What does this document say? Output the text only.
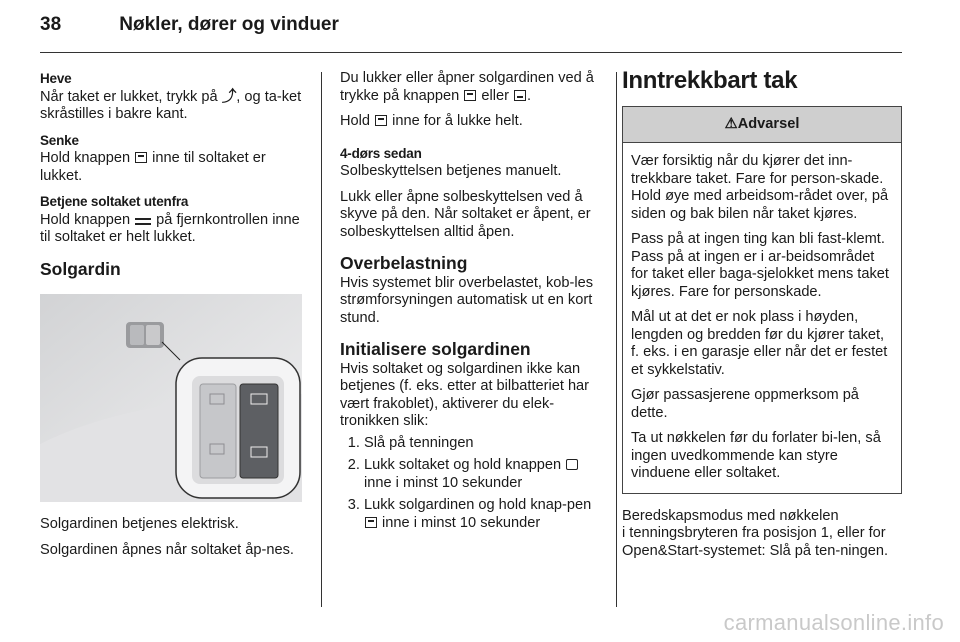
38	Nøkler, dører og vinduer

Heve
Når taket er lukket, trykk på ⤴, og ta-ket skråstilles i bakre kant.

Senke
Hold knappen  inne til soltaket er lukket.

Betjene soltaket utenfra
Hold knappen  på fjernkontrollen inne til soltaket er helt lukket.

Solgardin

Solgardinen betjenes elektrisk.

Solgardinen åpnes når soltaket åp-nes.

Du lukker eller åpner solgardinen ved å trykke på knappen  eller .

Hold  inne for å lukke helt.

4-dørs sedan
Solbeskyttelsen betjenes manuelt.

Lukk eller åpne solbeskyttelsen ved å skyve på den. Når soltaket er åpent, er solbeskyttelsen alltid åpen.

Overbelastning

Hvis systemet blir overbelastet, kob-les strømforsyningen automatisk ut en kort stund.

Initialisere solgardinen

Hvis soltaket og solgardinen ikke kan betjenes (f. eks. etter at bilbatteriet har vært frakoblet), aktiverer du elek-tronikken slik:

1. Slå på tenningen
2. Lukk soltaket og hold knappen  inne i minst 10 sekunder
3. Lukk solgardinen og hold knap-pen  inne i minst 10 sekunder
Inntrekkbart tak
⚠Advarsel

Vær forsiktig når du kjører det inn-trekkbare taket. Fare for person-skade. Hold øye med arbeidsom-rådet over, på siden og bak bilen når taket kjøres.

Pass på at ingen ting kan bli fast-klemt. Pass på at ingen er i ar-beidsområdet for taket eller baga-sjelokket mens taket kjøres. Fare for personskade.

Mål ut at det er nok plass i høyden, lengden og bredden før du kjører taket, f. eks. i en garasje eller når det er festet et sykkelstativ.

Gjør passasjerene oppmerksom på dette.

Ta ut nøkkelen før du forlater bi-len, så ingen uvedkommende kan styre vinduene eller soltaket.

Beredskapsmodus med nøkkelen

i tenningsbryteren fra posisjon 1, eller for Open&Start-systemet: Slå på ten-ningen.

carmanualsonline.info
